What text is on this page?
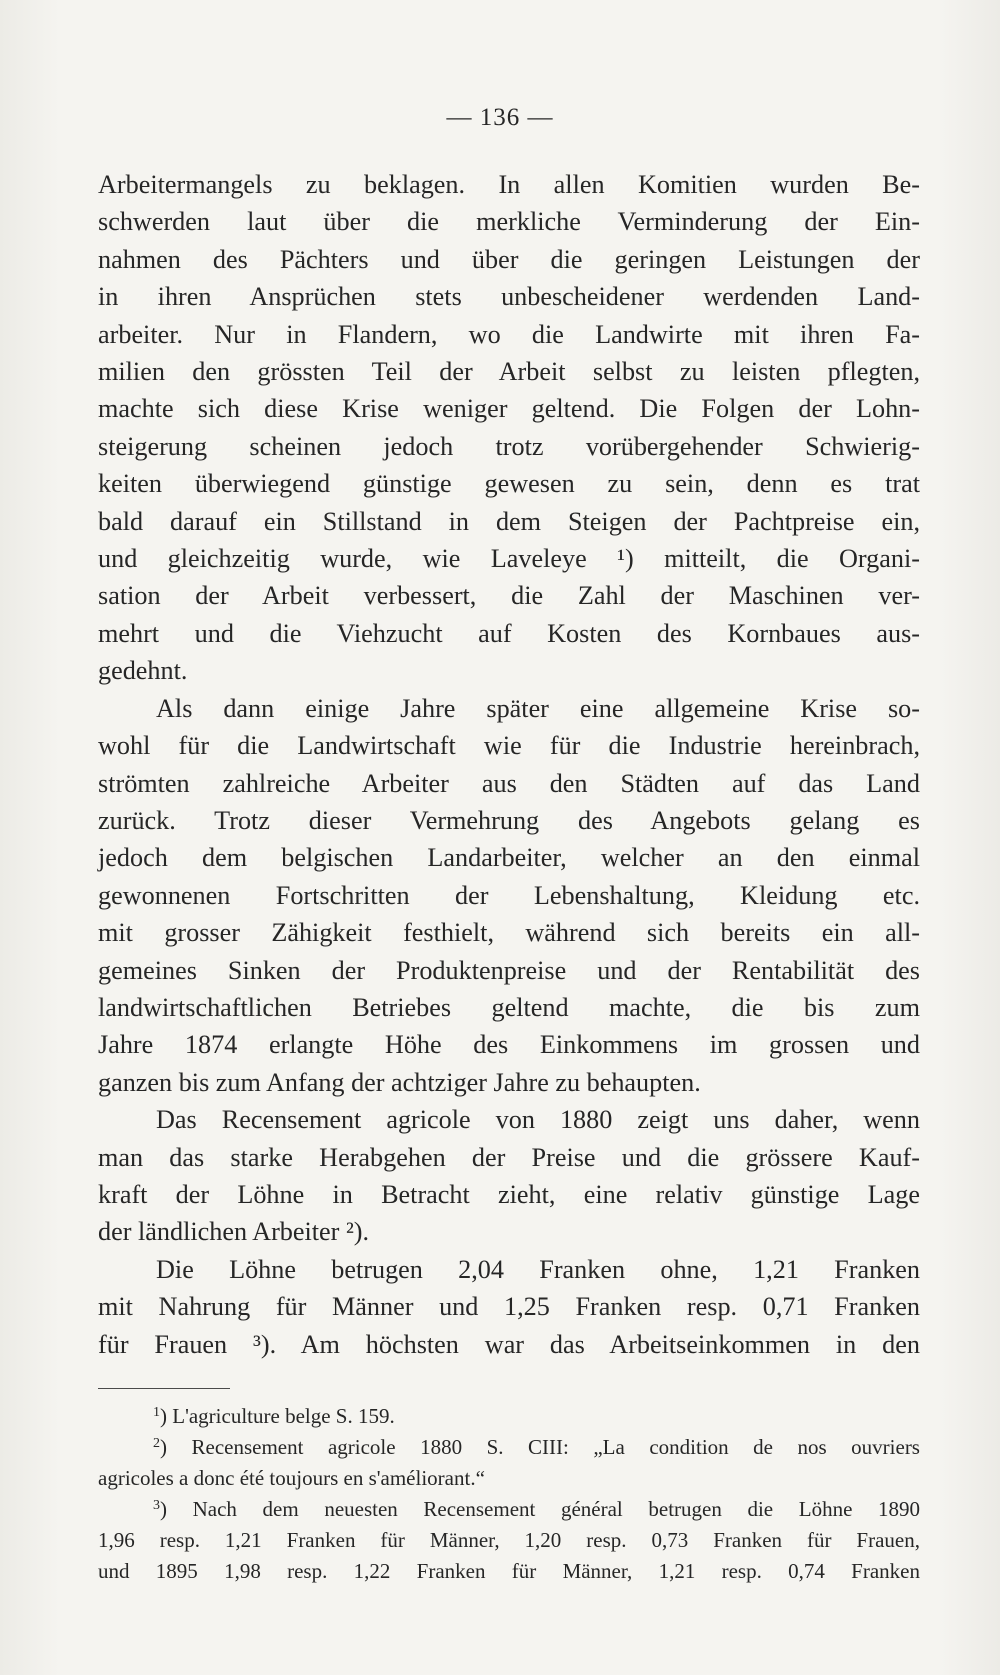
— 136 —

Arbeitermangels zu beklagen. In allen Komitien wurden Be-
schwerden laut über die merkliche Verminderung der Ein-
nahmen des Pächters und über die geringen Leistungen der
in ihren Ansprüchen stets unbescheidener werdenden Land-
arbeiter. Nur in Flandern, wo die Landwirte mit ihren Fa-
milien den grössten Teil der Arbeit selbst zu leisten pflegten,
machte sich diese Krise weniger geltend. Die Folgen der Lohn-
steigerung scheinen jedoch trotz vorübergehender Schwierig-
keiten überwiegend günstige gewesen zu sein, denn es trat
bald darauf ein Stillstand in dem Steigen der Pachtpreise ein,
und gleichzeitig wurde, wie Laveleye ¹) mitteilt, die Organi-
sation der Arbeit verbessert, die Zahl der Maschinen ver-
mehrt und die Viehzucht auf Kosten des Kornbaues aus-

gedehnt.

Als dann einige Jahre später eine allgemeine Krise so-
wohl für die Landwirtschaft wie für die Industrie hereinbrach,
strömten zahlreiche Arbeiter aus den Städten auf das Land
zurück. Trotz dieser Vermehrung des Angebots gelang es
jedoch dem belgischen Landarbeiter, welcher an den einmal
gewonnenen Fortschritten der Lebenshaltung, Kleidung etc.
mit grosser Zähigkeit festhielt, während sich bereits ein all-
gemeines Sinken der Produktenpreise und der Rentabilität des
landwirtschaftlichen Betriebes geltend machte, die bis zum
Jahre 1874 erlangte Höhe des Einkommens im grossen und

ganzen bis zum Anfang der achtziger Jahre zu behaupten.

Das Recensement agricole von 1880 zeigt uns daher, wenn
man das starke Herabgehen der Preise und die grössere Kauf-
kraft der Löhne in Betracht zieht, eine relativ günstige Lage

der ländlichen Arbeiter ²).

Die Löhne betrugen 2,04 Franken ohne, 1,21 Franken
mit Nahrung für Männer und 1,25 Franken resp. 0,71 Franken
für Frauen ³). Am höchsten war das Arbeitseinkommen in den

$^1$) L'agriculture belge S. 159.

$^2$) Recensement agricole 1880 S. CIII: „La condition de nos ouvriers

agricoles a donc été toujours en s'améliorant.“

$^3$) Nach dem neuesten Recensement général betrugen die Löhne 1890

1,96 resp. 1,21 Franken für Männer, 1,20 resp. 0,73 Franken für Frauen,
und 1895 1,98 resp. 1,22 Franken für Männer, 1,21 resp. 0,74 Franken
